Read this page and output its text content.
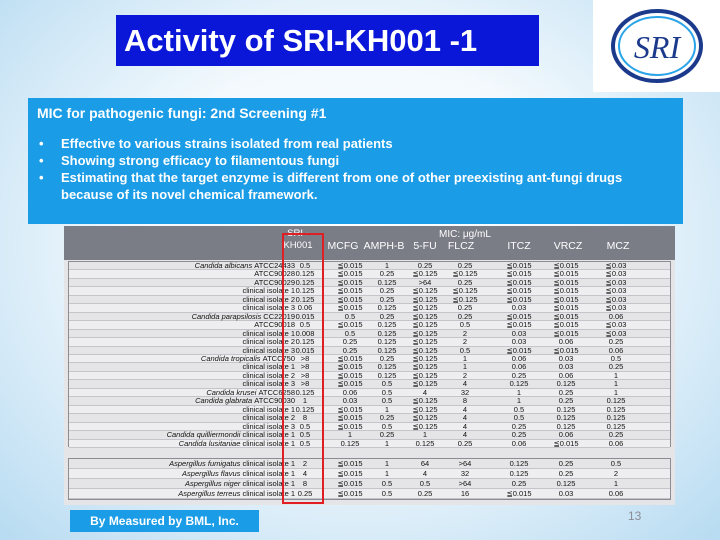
Activity of SRI-KH001 -1	SRI
MIC for pathogenic fungi: 2nd Screening #1
• Effective to various strains isolated from real patients
• Showing strong efficacy to filamentous fungi
• Estimating that the target enzyme is different from one of other preexisting ant-fungi drugs because of its novel chemical framework.
SRI -
KH001
MIC: μg/mL
MCFG AMPH-B 5-FU	FLCZ	ITCZ	VRCZ	MCZ
Candida albicans ATCC24433 0.5	≦0.015	1	0.25	0.25	≦0.015	≦0.015	≦0.03
ATCC90028 0.125	≦0.015	0.25	≦0.125	≦0.125	≦0.015	≦0.015	≦0.03
ATCC90029 0.125	≦0.015	0.125	>64	0.25	≦0.015	≦0.015	≦0.03
clinical isolate 1 0.125	≦0.015	0.25	≦0.125	≦0.125	≦0.015	≦0.015	≦0.03
clinical isolate 2 0.125	≦0.015	0.25	≦0.125	≦0.125	≦0.015	≦0.015	≦0.03
clinical isolate 3 0.06	≦0.015	0.125	≦0.125	0.25	0.03	≦0.015	≦0.03
Candida parapsilosis CC22019 0.015	0.5	0.25	≦0.125	0.25	≦0.015	≦0.015	0.06
ATCC90018 0.5	≦0.015	0.125	≦0.125	0.5	≦0.015	≦0.015	≦0.03
clinical isolate 1 0.008	0.5	0.125	≦0.125	2	0.03	≦0.015	≦0.03
clinical isolate 2 0.125	0.25	0.125	≦0.125	2	0.03	0.06	0.25
clinical isolate 3 0.015	0.25	0.125	≦0.125	0.5	≦0.015	≦0.015	0.06
Candida tropicalis ATCC750 >8	≦0.015	0.25	≦0.125	1	0.06	0.03	0.5
clinical isolate 1 >8	≦0.015	0.125	≦0.125	1	0.06	0.03	0.25
clinical isolate 2 >8	≦0.015	0.125	≦0.125	2	0.25	0.06	1
clinical isolate 3 >8	≦0.015	0.5	≦0.125	4	0.125	0.125	1
Candida krusei ATCC6258 0.125	0.06	0.5	4	32	1	0.25	1
Candida glabrata ATCC90030	1	0.03	0.5	≦0.125	8	1	0.25	0.125
clinical isolate 1 0.125	≦0.015	1	≦0.125	4	0.5	0.125	0.125
clinical isolate 2	8	≦0.015	0.25	≦0.125	4	0.5	0.125	0.125
clinical isolate 3 0.5	≦0.015	0.5	≦0.125	4	0.25	0.125	0.125
Candida quilliermondii clinical isolate 1 0.5	1	0.25	1	4	0.25	0.06	0.25
Candida lusitaniae clinical isolate 1 0.5	0.125	1	0.125	0.25	0.06	≦0.015	0.06
Aspergillus fumigatus clinical isolate 1	2	≦0.015	1	64	>64	0.125	0.25	0.5
Aspergillus flavus clinical isolate 1	4	≦0.015	1	4	32	0.125	0.25	2
Aspergillus niger clinical isolate 1	8	≦0.015	0.5	0.5	>64	0.25	0.125	1
Aspergillus terreus clinical isolate 1 0.25	≦0.015	0.5	0.25	16	≦0.015	0.03	0.06
By Measured by BML, Inc.	13
